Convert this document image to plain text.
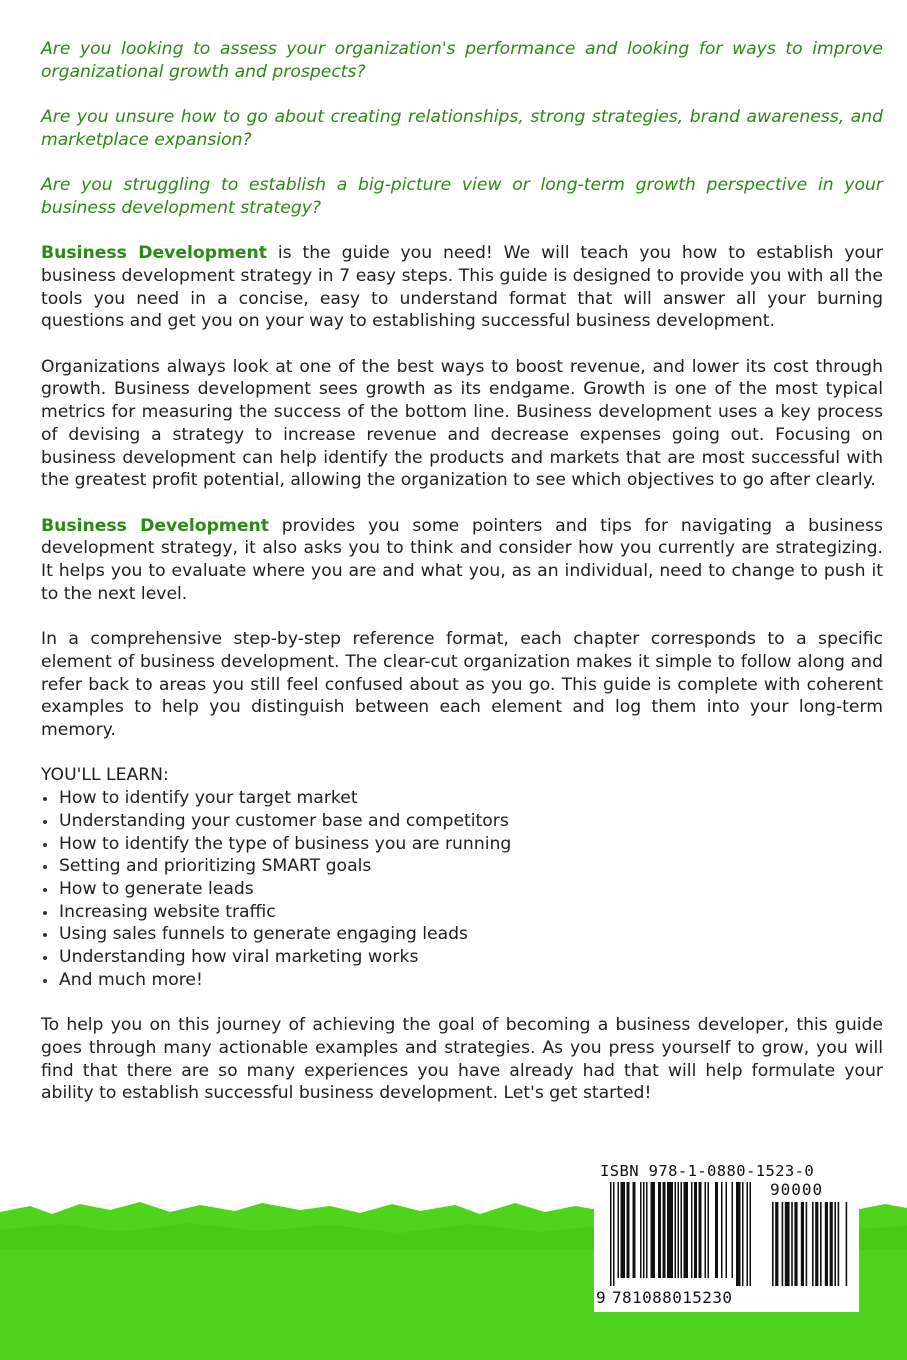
Are you looking to assess your organization's performance and looking for ways to improve organizational growth and prospects?

Are you unsure how to go about creating relationships, strong strategies, brand awareness, and marketplace expansion?

Are you struggling to establish a big-picture view or long-term growth perspective in your business development strategy?

Business Development is the guide you need! We will teach you how to establish your business development strategy in 7 easy steps. This guide is designed to provide you with all the tools you need in a concise, easy to understand format that will answer all your burning questions and get you on your way to establishing successful business development.

Organizations always look at one of the best ways to boost revenue, and lower its cost through growth. Business development sees growth as its endgame. Growth is one of the most typical metrics for measuring the success of the bottom line. Business development uses a key process of devising a strategy to increase revenue and decrease expenses going out. Focusing on business development can help identify the products and markets that are most successful with the greatest profit potential, allowing the organization to see which objectives to go after clearly.

Business Development provides you some pointers and tips for navigating a business development strategy, it also asks you to think and consider how you currently are strategizing. It helps you to evaluate where you are and what you, as an individual, need to change to push it to the next level.

In a comprehensive step-by-step reference format, each chapter corresponds to a specific element of business development. The clear-cut organization makes it simple to follow along and refer back to areas you still feel confused about as you go. This guide is complete with coherent examples to help you distinguish between each element and log them into your long-term memory.

YOU'LL LEARN:
How to identify your target market
Understanding your customer base and competitors
How to identify the type of business you are running
Setting and prioritizing SMART goals
How to generate leads
Increasing website traffic
Using sales funnels to generate engaging leads
Understanding how viral marketing works
And much more!

To help you on this journey of achieving the goal of becoming a business developer, this guide goes through many actionable examples and strategies. As you press yourself to grow, you will find that there are so many experiences you have already had that will help formulate your ability to establish successful business development. Let's get started!

ISBN 978-1-0880-1523-0
90000
9 781088015230
